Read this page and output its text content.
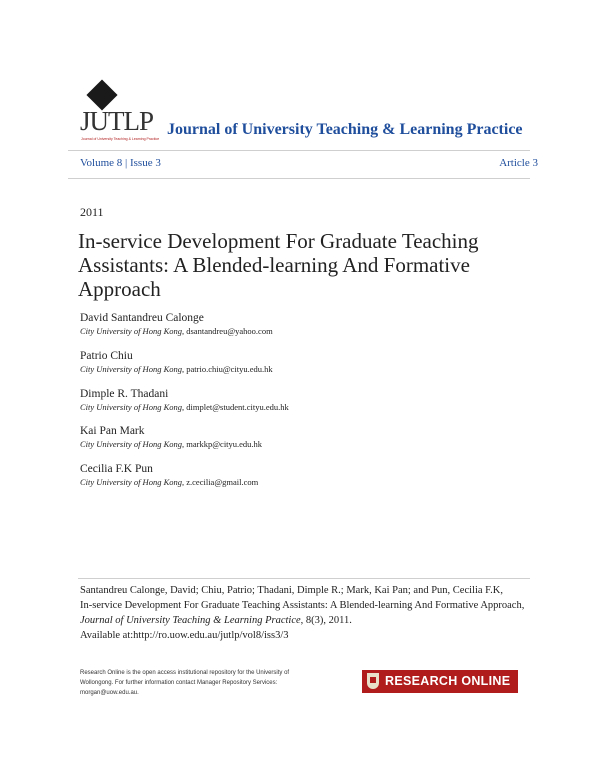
JUTLP
Journal of University Teaching & Learning Practice
Journal of University Teaching & Learning Practice
Volume 8 | Issue 3	Article 3
2011
In-service Development For Graduate Teaching Assistants: A Blended-learning And Formative Approach
David Santandreu Calonge
City University of Hong Kong, dsantandreu@yahoo.com
Patrio Chiu
City University of Hong Kong, patrio.chiu@cityu.edu.hk
Dimple R. Thadani
City University of Hong Kong, dimplet@student.cityu.edu.hk
Kai Pan Mark
City University of Hong Kong, markkp@cityu.edu.hk
Cecilia F.K Pun
City University of Hong Kong, z.cecilia@gmail.com
Santandreu Calonge, David; Chiu, Patrio; Thadani, Dimple R.; Mark, Kai Pan; and Pun, Cecilia F.K,
In-service Development For Graduate Teaching Assistants: A Blended-learning And Formative Approach,
Journal of University Teaching & Learning Practice, 8(3), 2011.
Available at:http://ro.uow.edu.au/jutlp/vol8/iss3/3
Research Online is the open access institutional repository for the University of Wollongong. For further information contact Manager Repository Services: morgan@uow.edu.au.
RESEARCH ONLINE
